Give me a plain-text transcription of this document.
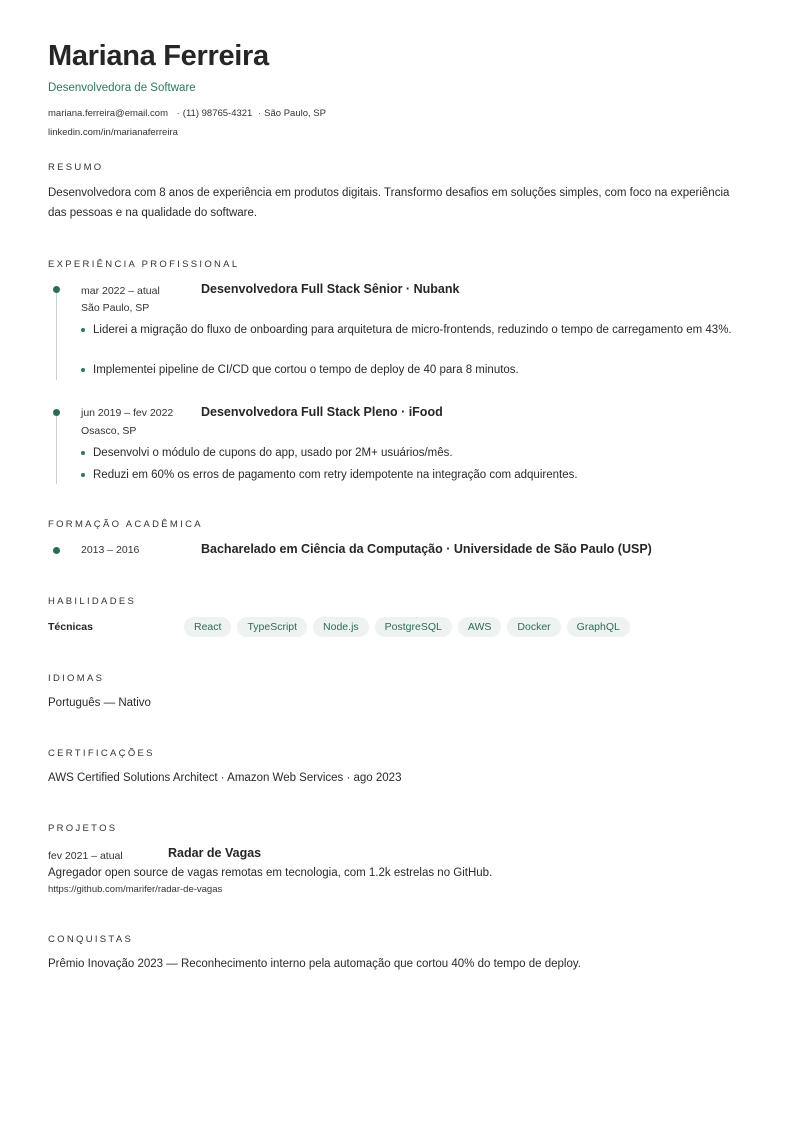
Mariana Ferreira
Desenvolvedora de Software
mariana.ferreira@email.com · (11) 98765-4321 · São Paulo, SP
linkedin.com/in/marianaferreira
RESUMO
Desenvolvedora com 8 anos de experiência em produtos digitais. Transformo desafios em soluções simples, com foco na experiência das pessoas e na qualidade do software.
EXPERIÊNCIA PROFISSIONAL
mar 2022 – atual	Desenvolvedora Full Stack Sênior · Nubank
São Paulo, SP
Liderei a migração do fluxo de onboarding para arquitetura de micro-frontends, reduzindo o tempo de carregamento em 43%.
Implementei pipeline de CI/CD que cortou o tempo de deploy de 40 para 8 minutos.
jun 2019 – fev 2022 Desenvolvedora Full Stack Pleno · iFood
Osasco, SP
Desenvolvi o módulo de cupons do app, usado por 2M+ usuários/mês.
Reduzi em 60% os erros de pagamento com retry idempotente na integração com adquirentes.
FORMAÇÃO ACADÊMICA
2013 – 2016	Bacharelado em Ciência da Computação · Universidade de São Paulo (USP)
HABILIDADES
Técnicas	React	TypeScript	Node.js	PostgreSQL	AWS	Docker	GraphQL
IDIOMAS
Português — Nativo
CERTIFICAÇÕES
AWS Certified Solutions Architect · Amazon Web Services · ago 2023
PROJETOS
fev 2021 – atual	Radar de Vagas
Agregador open source de vagas remotas em tecnologia, com 1.2k estrelas no GitHub.
https://github.com/marifer/radar-de-vagas
CONQUISTAS
Prêmio Inovação 2023 — Reconhecimento interno pela automação que cortou 40% do tempo de deploy.
